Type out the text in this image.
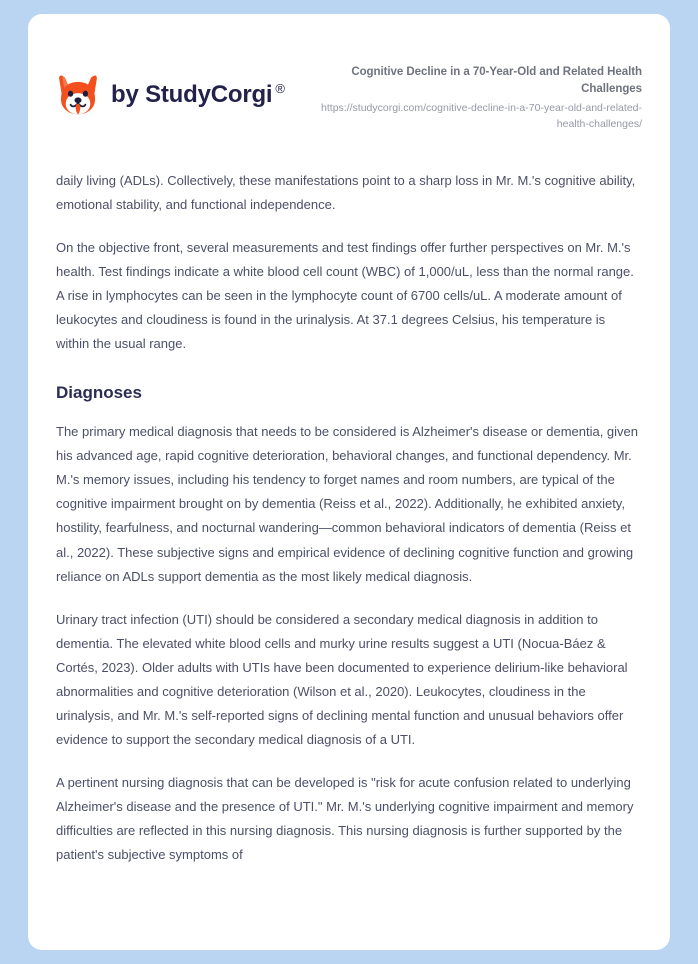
by StudyCorgi ®

Cognitive Decline in a 70-Year-Old and Related Health Challenges

https://studycorgi.com/cognitive-decline-in-a-70-year-old-and-related-health-challenges/

daily living (ADLs). Collectively, these manifestations point to a sharp loss in Mr. M.'s cognitive ability, emotional stability, and functional independence.

On the objective front, several measurements and test findings offer further perspectives on Mr. M.'s health. Test findings indicate a white blood cell count (WBC) of 1,000/uL, less than the normal range. A rise in lymphocytes can be seen in the lymphocyte count of 6700 cells/uL. A moderate amount of leukocytes and cloudiness is found in the urinalysis. At 37.1 degrees Celsius, his temperature is within the usual range.

Diagnoses

The primary medical diagnosis that needs to be considered is Alzheimer's disease or dementia, given his advanced age, rapid cognitive deterioration, behavioral changes, and functional dependency. Mr. M.'s memory issues, including his tendency to forget names and room numbers, are typical of the cognitive impairment brought on by dementia (Reiss et al., 2022). Additionally, he exhibited anxiety, hostility, fearfulness, and nocturnal wandering—common behavioral indicators of dementia (Reiss et al., 2022). These subjective signs and empirical evidence of declining cognitive function and growing reliance on ADLs support dementia as the most likely medical diagnosis.

Urinary tract infection (UTI) should be considered a secondary medical diagnosis in addition to dementia. The elevated white blood cells and murky urine results suggest a UTI (Nocua-Báez & Cortés, 2023). Older adults with UTIs have been documented to experience delirium-like behavioral abnormalities and cognitive deterioration (Wilson et al., 2020). Leukocytes, cloudiness in the urinalysis, and Mr. M.'s self-reported signs of declining mental function and unusual behaviors offer evidence to support the secondary medical diagnosis of a UTI.

A pertinent nursing diagnosis that can be developed is "risk for acute confusion related to underlying Alzheimer's disease and the presence of UTI." Mr. M.'s underlying cognitive impairment and memory difficulties are reflected in this nursing diagnosis. This nursing diagnosis is further supported by the patient's subjective symptoms of
